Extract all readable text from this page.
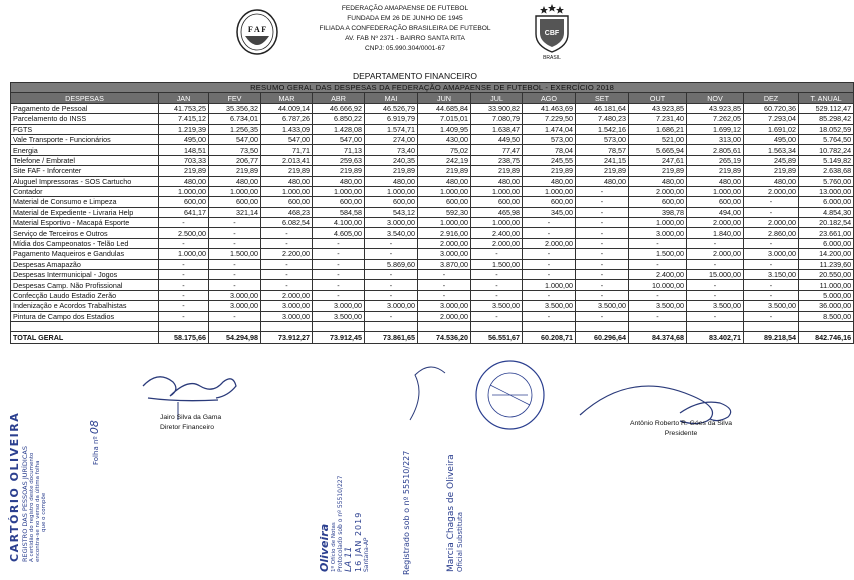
F A F	CBF
BRASIL
FEDERAÇÃO AMAPAENSE DE FUTEBOL
FUNDADA EM 26 DE JUNHO DE 1945
FILIADA A CONFEDERAÇÃO BRASILEIRA DE FUTEBOL
AV. FAB Nº 2371 - BAIRRO SANTA RITA
CNPJ: 05.990.304/0001-67
DEPARTAMENTO FINANCEIRO
RESUMO GERAL DAS DESPESAS DA FEDERAÇÃO AMAPAENSE DE FUTEBOL - EXERCÍCIO 2018													
DESPESAS	JAN	FEV	MAR	ABR	MAI	JUN	JUL	AGO	SET	OUT	NOV	DEZ	T. ANUAL
Pagamento de Pessoal	41.753,25	35.356,32	44.009,14	46.666,92	46.526,79	44.685,84	33.900,82	41.463,69	46.181,64	43.923,85	43.923,85	60.720,36	529.112,47
Parcelamento do INSS	7.415,12	6.734,01	6.787,26	6.850,22	6.919,79	7.015,01	7.080,79	7.229,50	7.480,23	7.231,40	7.262,05	7.293,04	85.298,42
FGTS	1.219,39	1.256,35	1.433,09	1.428,08	1.574,71	1.409,95	1.638,47	1.474,04	1.542,16	1.686,21	1.699,12	1.691,02	18.052,59
Vale Transporte - Funcionários	495,00	547,00	547,00	547,00	274,00	430,00	449,50	573,00	573,00	521,00	313,00	495,00	5.764,50
Energia	148,51	73,50	71,71	71,13	73,40	75,02	77,47	78,04	78,57	5.665,94	2.805,61	1.563,34	10.782,24
Telefone / Embratel	703,33	206,77	2.013,41	259,63	240,35	242,19	238,75	245,55	241,15	247,61	265,19	245,89	5.149,82
Site FAF - Inforcenter	219,89	219,89	219,89	219,89	219,89	219,89	219,89	219,89	219,89	219,89	219,89	219,89	2.638,68
Aluguel Impressoras - SOS Cartucho	480,00	480,00	480,00	480,00	480,00	480,00	480,00	480,00	480,00	480,00	480,00	480,00	5.760,00
Contador	1.000,00	1.000,00	1.000,00	1.000,00	1.000,00	1.000,00	1.000,00	1.000,00	-	2.000,00	1.000,00	2.000,00	13.000,00
Material de Consumo e Limpeza	600,00	600,00	600,00	600,00	600,00	600,00	600,00	600,00	-	600,00	600,00	-	6.000,00
Material de Expediente - Livraria Help	641,17	321,14	468,23	584,58	543,12	592,30	465,98	345,00	-	398,78	494,00	-	4.854,30
Material Esportivo - Macapá Esporte	-	-	6.082,54	4.100,00	3.000,00	1.000,00	1.000,00	-	-	1.000,00	2.000,00	2.000,00	20.182,54
Serviço de Terceiros e Outros	2.500,00	-	-	4.605,00	3.540,00	2.916,00	2.400,00	-	-	3.000,00	1.840,00	2.860,00	23.661,00
Mídia dos Campeonatos - Telão Led	-	-	-	-	-	2.000,00	2.000,00	2.000,00	-	-	-	-	6.000,00
Pagamento Maqueiros e Gandulas	1.000,00	1.500,00	2.200,00	-	-	3.000,00	-	-	-	1.500,00	2.000,00	3.000,00	14.200,00
Despesas Amapazão	-	-	-	-	5.869,60	3.870,00	1.500,00	-	-	-	-	-	11.239,60
Despesas Intermunicipal - Jogos	-	-	-	-	-	-	-	-	-	2.400,00	15.000,00	3.150,00	20.550,00
Despesas Camp. Não Profissional	-	-	-	-	-	-	-	1.000,00	-	10.000,00	-	-	11.000,00
Confecção Laudo Estadio Zerão	-	3.000,00	2.000,00	-	-	-	-	-	-	-	-	-	5.000,00
Indenização e Acordos Trabalhistas	-	3.000,00	3.000,00	3.000,00	3.000,00	3.000,00	3.500,00	3.500,00	3.500,00	3.500,00	3.500,00	3.500,00	36.000,00
Pintura de Campo dos Estadios	-	-	3.000,00	3.500,00	-	2.000,00	-	-	-	-	-	-	8.500,00

TOTAL GERAL	58.175,66	54.294,98	73.912,27	73.912,45	73.861,65	74.536,20	56.551,67	60.208,71	60.296,64	84.374,68	83.402,71	89.218,54	842.746,16
Jairo Silva da Gama
Diretor Financeiro
Antônio Roberto R. Góes da Silva
Presidente
CARTÓRIO OLIVEIRA REGISTRO DAS PESSOAS JURÍDICAS A certidão do registro deste documento encontra-se no verso da última folha que o compõe
Folha nº 08
Oliveira 1º Ofício de Notas Protocolado sob o nº 55510/227 LA 11 16 JAN 2019 Santana-AP	Registrado sob o nº 55510/227	Marcia Chagas de Oliveira Oficial Substituta
